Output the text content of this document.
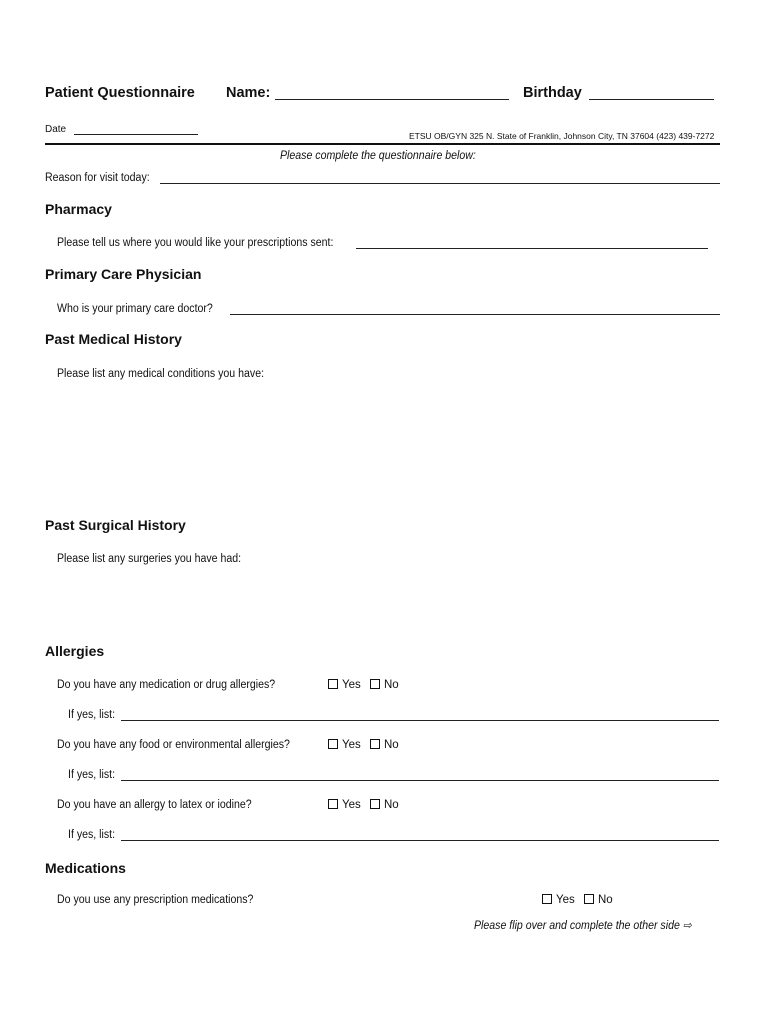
Patient Questionnaire Name:	Birthday
Date
ETSU OB/GYN 325 N. State of Franklin, Johnson City, TN 37604 (423) 439-7272
Please complete the questionnaire below:
Reason for visit today:
Pharmacy
Please tell us where you would like your prescriptions sent:
Primary Care Physician
Who is your primary care doctor?
Past Medical History
Please list any medical conditions you have:
Past Surgical History
Please list any surgeries you have had:
Allergies
Do you have any medication or drug allergies?	Yes No
If yes, list:
Do you have any food or environmental allergies?	Yes No
If yes, list:
Do you have an allergy to latex or iodine?	Yes No
If yes, list:
Medications
Do you use any prescription medications?	Yes No
Please flip over and complete the other side ⇨
